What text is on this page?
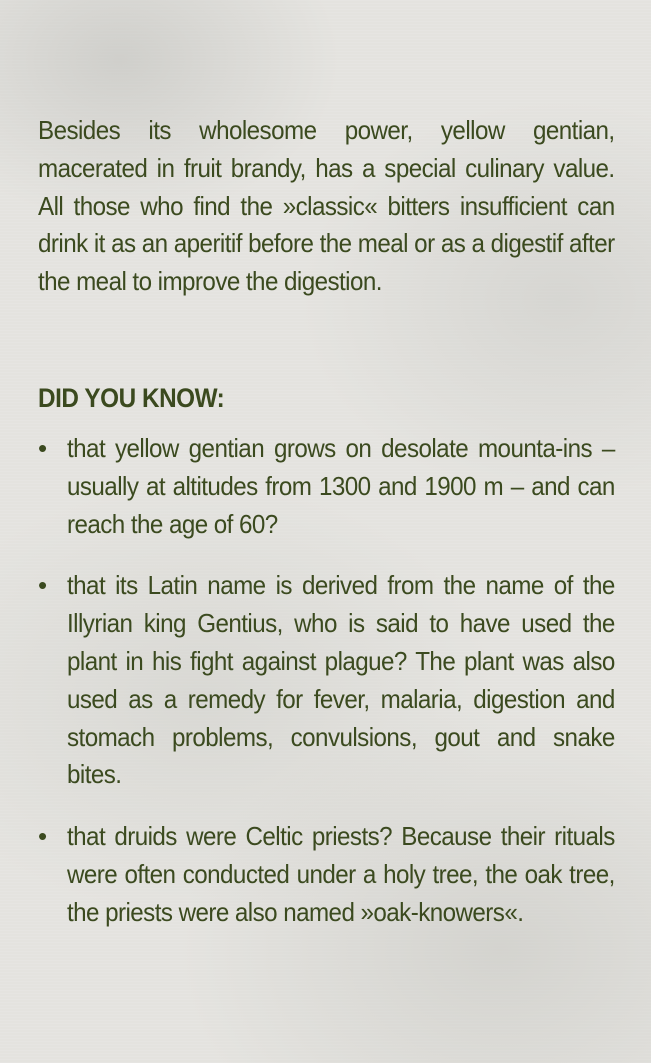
Besides its wholesome power, yellow gentian, macerated in fruit brandy, has a special culinary value. All those who find the »classic« bitters insufficient can drink it as an aperitif before the meal or as a digestif after the meal to improve the digestion.

DID YOU KNOW:
• that yellow gentian grows on desolate mounta-ins – usually at altitudes from 1300 and 1900 m – and can reach the age of 60?
• that its Latin name is derived from the name of the Illyrian king Gentius, who is said to have used the plant in his fight against plague? The plant was also used as a remedy for fever, malaria, digestion and stomach problems, convulsions, gout and snake bites.
• that druids were Celtic priests? Because their rituals were often conducted under a holy tree, the oak tree, the priests were also named »oak-knowers«.
